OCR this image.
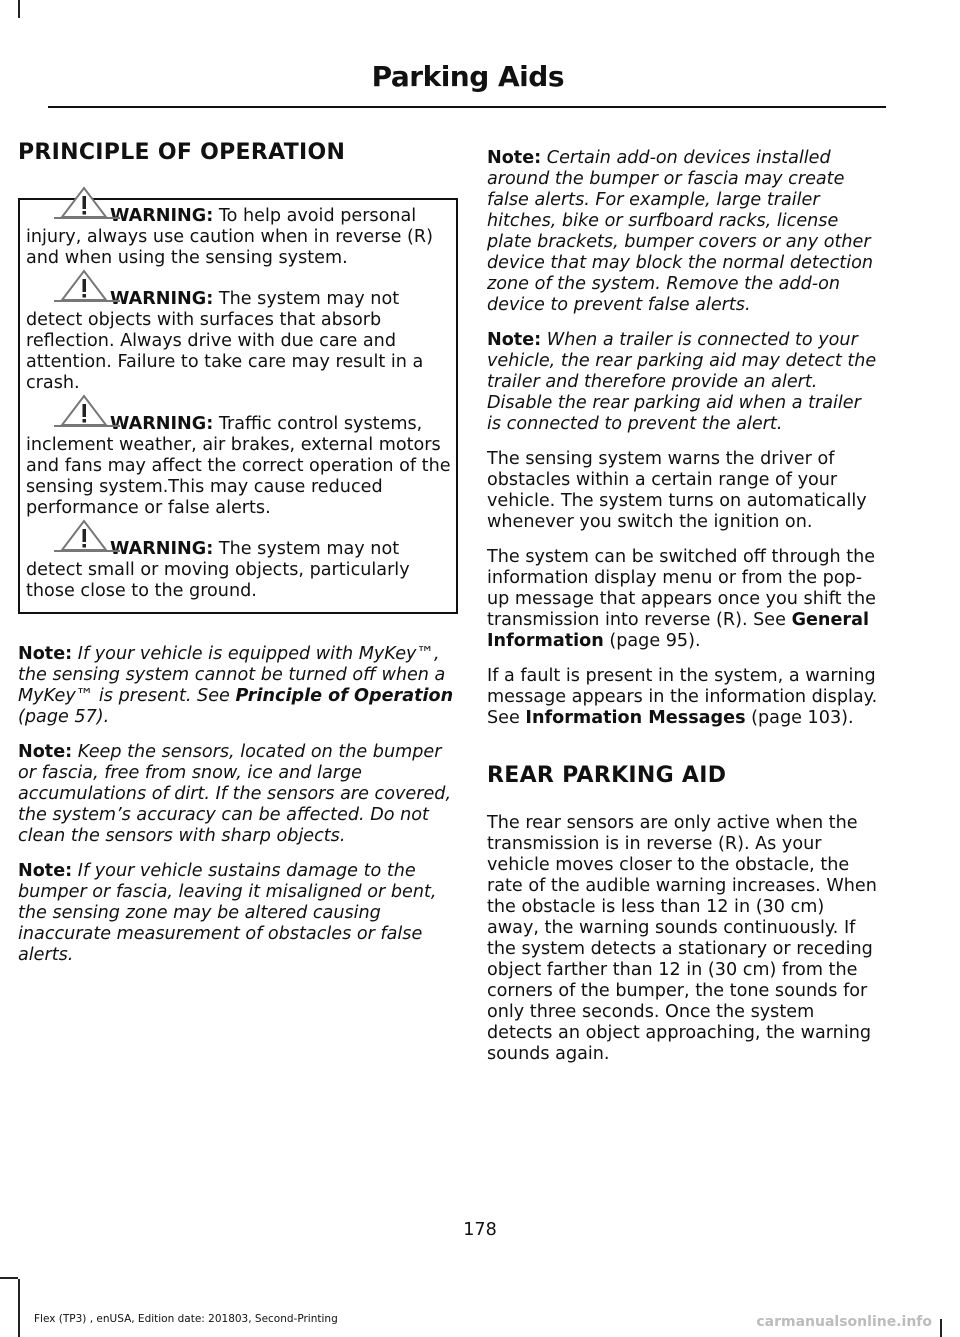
Parking Aids
PRINCIPLE OF OPERATION
WARNING: To help avoid personal injury, always use caution when in reverse (R) and when using the sensing system.
WARNING: The system may not detect objects with surfaces that absorb reflection. Always drive with due care and attention. Failure to take care may result in a crash.
WARNING: Traffic control systems, inclement weather, air brakes, external motors and fans may affect the correct operation of the sensing system.This may cause reduced performance or false alerts.
WARNING: The system may not detect small or moving objects, particularly those close to the ground.

Note: If your vehicle is equipped with MyKey™, the sensing system cannot be turned off when a MyKey™ is present. See Principle of Operation (page 57).

Note: Keep the sensors, located on the bumper or fascia, free from snow, ice and large accumulations of dirt. If the sensors are covered, the system’s accuracy can be affected. Do not clean the sensors with sharp objects.

Note: If your vehicle sustains damage to the bumper or fascia, leaving it misaligned or bent, the sensing zone may be altered causing inaccurate measurement of obstacles or false alerts.

Note: Certain add-on devices installed around the bumper or fascia may create false alerts. For example, large trailer hitches, bike or surfboard racks, license plate brackets, bumper covers or any other device that may block the normal detection zone of the system. Remove the add-on device to prevent false alerts.

Note: When a trailer is connected to your vehicle, the rear parking aid may detect the trailer and therefore provide an alert. Disable the rear parking aid when a trailer is connected to prevent the alert.

The sensing system warns the driver of obstacles within a certain range of your vehicle. The system turns on automatically whenever you switch the ignition on.

The system can be switched off through the information display menu or from the pop-up message that appears once you shift the transmission into reverse (R). See General Information (page 95).

If a fault is present in the system, a warning message appears in the information display. See Information Messages (page 103).

REAR PARKING AID

The rear sensors are only active when the transmission is in reverse (R). As your vehicle moves closer to the obstacle, the rate of the audible warning increases. When the obstacle is less than 12 in (30 cm) away, the warning sounds continuously. If the system detects a stationary or receding object farther than 12 in (30 cm) from the corners of the bumper, the tone sounds for only three seconds. Once the system detects an object approaching, the warning sounds again.

178
Flex (TP3) , enUSA, Edition date: 201803, Second-Printing	carmanualsonline.info
